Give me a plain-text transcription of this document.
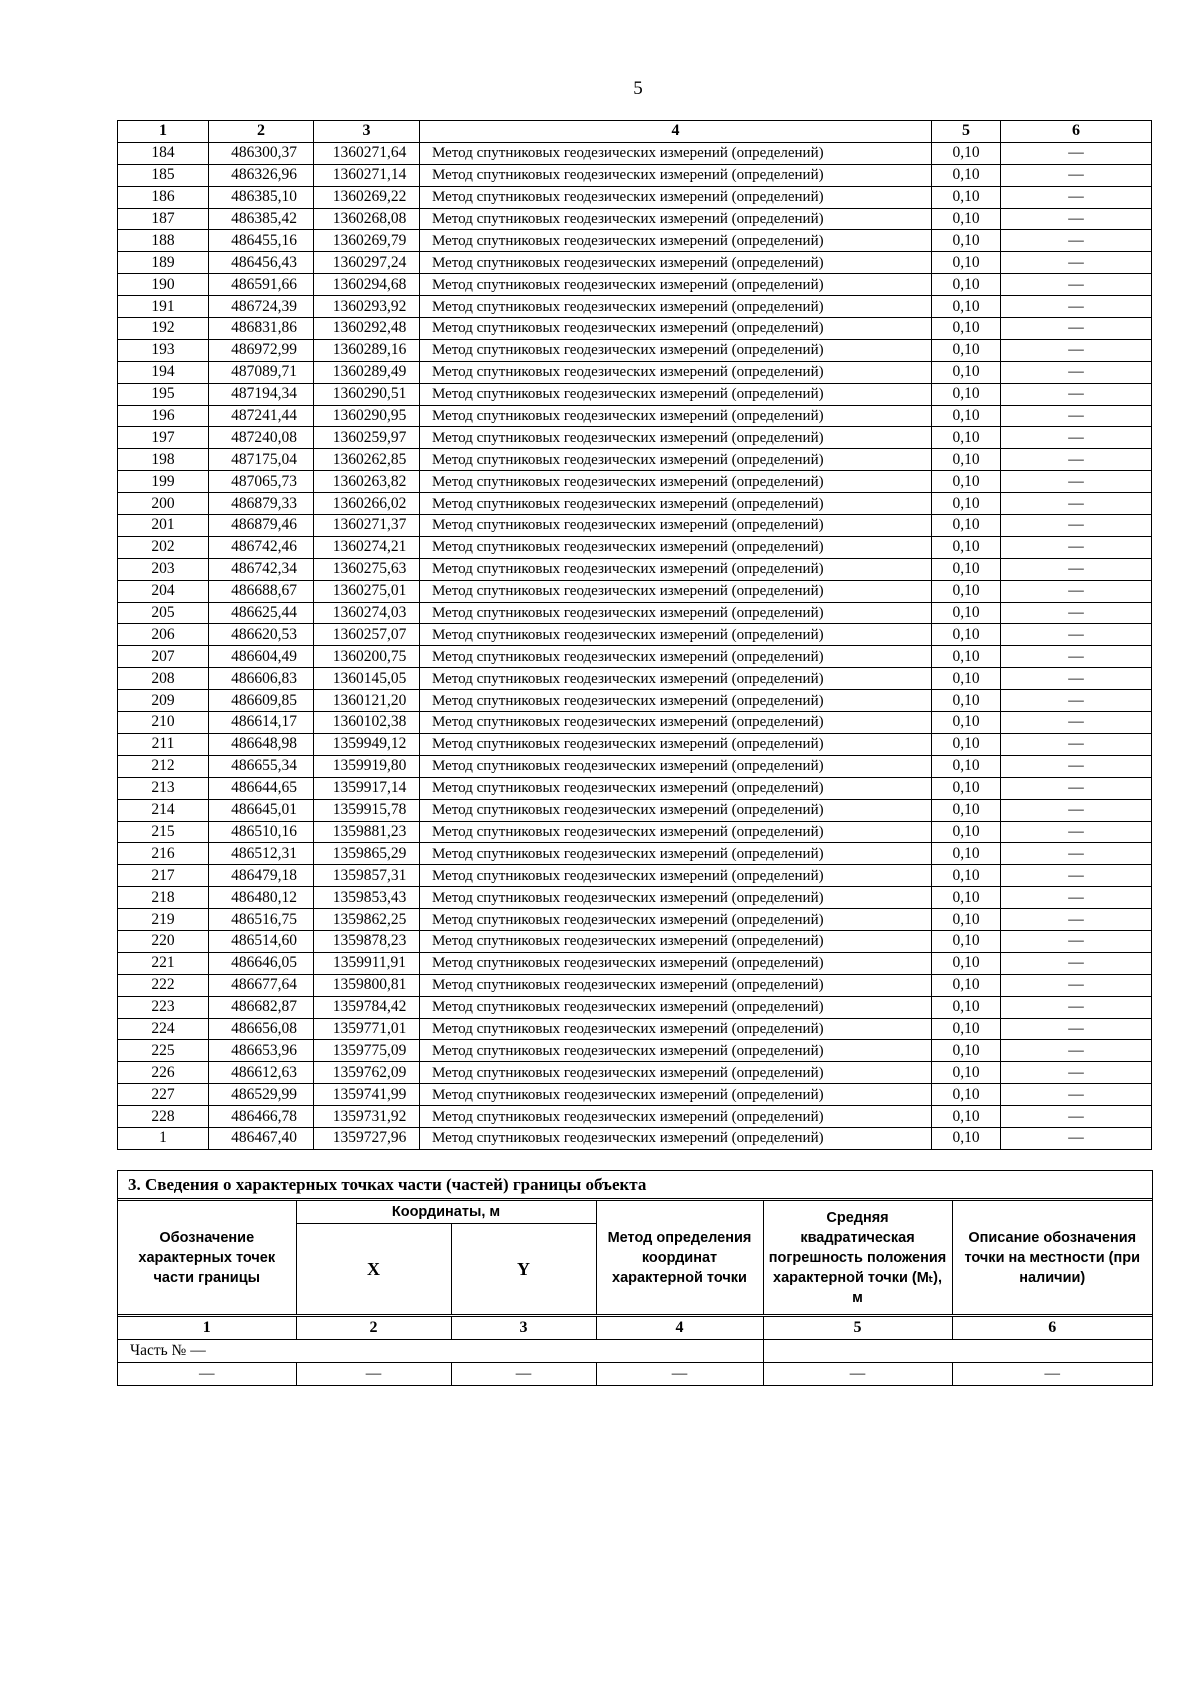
5
1	2	3	4	5	6
184	486300,37	1360271,64	Метод спутниковых геодезических измерений (определений)	0,10	—
185	486326,96	1360271,14	Метод спутниковых геодезических измерений (определений)	0,10	—
186	486385,10	1360269,22	Метод спутниковых геодезических измерений (определений)	0,10	—
187	486385,42	1360268,08	Метод спутниковых геодезических измерений (определений)	0,10	—
188	486455,16	1360269,79	Метод спутниковых геодезических измерений (определений)	0,10	—
189	486456,43	1360297,24	Метод спутниковых геодезических измерений (определений)	0,10	—
190	486591,66	1360294,68	Метод спутниковых геодезических измерений (определений)	0,10	—
191	486724,39	1360293,92	Метод спутниковых геодезических измерений (определений)	0,10	—
192	486831,86	1360292,48	Метод спутниковых геодезических измерений (определений)	0,10	—
193	486972,99	1360289,16	Метод спутниковых геодезических измерений (определений)	0,10	—
194	487089,71	1360289,49	Метод спутниковых геодезических измерений (определений)	0,10	—
195	487194,34	1360290,51	Метод спутниковых геодезических измерений (определений)	0,10	—
196	487241,44	1360290,95	Метод спутниковых геодезических измерений (определений)	0,10	—
197	487240,08	1360259,97	Метод спутниковых геодезических измерений (определений)	0,10	—
198	487175,04	1360262,85	Метод спутниковых геодезических измерений (определений)	0,10	—
199	487065,73	1360263,82	Метод спутниковых геодезических измерений (определений)	0,10	—
200	486879,33	1360266,02	Метод спутниковых геодезических измерений (определений)	0,10	—
201	486879,46	1360271,37	Метод спутниковых геодезических измерений (определений)	0,10	—
202	486742,46	1360274,21	Метод спутниковых геодезических измерений (определений)	0,10	—
203	486742,34	1360275,63	Метод спутниковых геодезических измерений (определений)	0,10	—
204	486688,67	1360275,01	Метод спутниковых геодезических измерений (определений)	0,10	—
205	486625,44	1360274,03	Метод спутниковых геодезических измерений (определений)	0,10	—
206	486620,53	1360257,07	Метод спутниковых геодезических измерений (определений)	0,10	—
207	486604,49	1360200,75	Метод спутниковых геодезических измерений (определений)	0,10	—
208	486606,83	1360145,05	Метод спутниковых геодезических измерений (определений)	0,10	—
209	486609,85	1360121,20	Метод спутниковых геодезических измерений (определений)	0,10	—
210	486614,17	1360102,38	Метод спутниковых геодезических измерений (определений)	0,10	—
211	486648,98	1359949,12	Метод спутниковых геодезических измерений (определений)	0,10	—
212	486655,34	1359919,80	Метод спутниковых геодезических измерений (определений)	0,10	—
213	486644,65	1359917,14	Метод спутниковых геодезических измерений (определений)	0,10	—
214	486645,01	1359915,78	Метод спутниковых геодезических измерений (определений)	0,10	—
215	486510,16	1359881,23	Метод спутниковых геодезических измерений (определений)	0,10	—
216	486512,31	1359865,29	Метод спутниковых геодезических измерений (определений)	0,10	—
217	486479,18	1359857,31	Метод спутниковых геодезических измерений (определений)	0,10	—
218	486480,12	1359853,43	Метод спутниковых геодезических измерений (определений)	0,10	—
219	486516,75	1359862,25	Метод спутниковых геодезических измерений (определений)	0,10	—
220	486514,60	1359878,23	Метод спутниковых геодезических измерений (определений)	0,10	—
221	486646,05	1359911,91	Метод спутниковых геодезических измерений (определений)	0,10	—
222	486677,64	1359800,81	Метод спутниковых геодезических измерений (определений)	0,10	—
223	486682,87	1359784,42	Метод спутниковых геодезических измерений (определений)	0,10	—
224	486656,08	1359771,01	Метод спутниковых геодезических измерений (определений)	0,10	—
225	486653,96	1359775,09	Метод спутниковых геодезических измерений (определений)	0,10	—
226	486612,63	1359762,09	Метод спутниковых геодезических измерений (определений)	0,10	—
227	486529,99	1359741,99	Метод спутниковых геодезических измерений (определений)	0,10	—
228	486466,78	1359731,92	Метод спутниковых геодезических измерений (определений)	0,10	—
1	486467,40	1359727,96	Метод спутниковых геодезических измерений (определений)	0,10	—
3. Сведения о характерных точках части (частей) границы объекта
Обозначение характерных точек части границы	Координаты, м		Метод определения координат характерной точки	Средняя квадратическая погрешность положения характерной точки (Mₜ), м	Описание обозначения точки на местности (при наличии)
	X	Y			
1	2	3	4	5	6
Часть № —					
—	—	—	—	—	—
